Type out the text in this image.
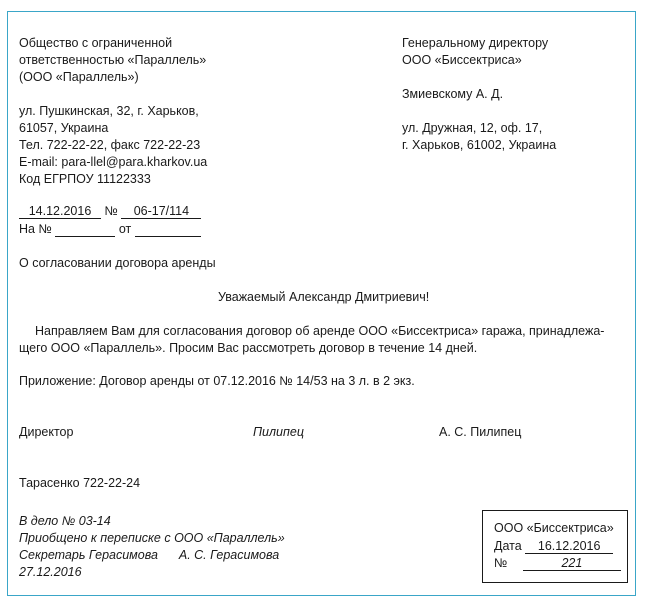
Общество с ограниченной
ответственностью «Параллель»
(ООО «Параллель»)
ул. Пушкинская, 32, г. Харьков,
61057, Украина
Тел. 722-22-22, факс 722-22-23
E-mail: para-llel@para.kharkov.ua
Код ЕГРПОУ 11122333
Генеральному директору
ООО «Биссектриса»
Змиевскому А. Д.
ул. Дружная, 12, оф. 17,
г. Харьков, 61002, Украина
14.12.2016 № 06-17/114
На №	от
О согласовании договора аренды
Уважаемый Александр Дмитриевич!
Направляем Вам для согласования договор об аренде ООО «Биссектриса» гаража, принадлежа-
щего ООО «Параллель». Просим Вас рассмотреть договор в течение 14 дней.
Приложение: Договор аренды от 07.12.2016 № 14/53 на 3 л. в 2 экз.
Директор	Пилипец	А. С. Пилипец
Тарасенко 722-22-24
В дело № 03-14
Приобщено к переписке с ООО «Параллель»
Секретарь Герасимова А. С. Герасимова
27.12.2016
ООО «Биссектриса»
Дата 16.12.2016
№	221
